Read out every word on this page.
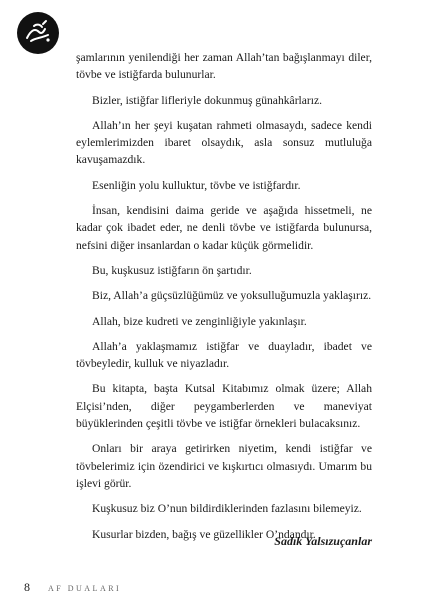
şamlarının yenilendiği her zaman Allah’tan bağışlanmayı diler, tövbe ve istiğfarda bulunurlar.

Bizler, istiğfar lifleriyle dokunmuş günahkârlarız.

Allah’ın her şeyi kuşatan rahmeti olmasaydı, sadece kendi eylemlerimizden ibaret olsaydık, asla sonsuz mutluluğa kavuşamazdık.

Esenliğin yolu kulluktur, tövbe ve istiğfardır.

İnsan, kendisini daima geride ve aşağıda hissetmeli, ne kadar çok ibadet eder, ne denli tövbe ve istiğfarda bulunursa, nefsini diğer insanlardan o kadar küçük görmelidir.

Bu, kuşkusuz istiğfarın ön şartıdır.

Biz, Allah’a güçsüzlüğümüz ve yoksulluğumuzla yaklaşırız.

Allah, bize kudreti ve zenginliğiyle yakınlaşır.

Allah’a yaklaşmamız istiğfar ve duayladır, ibadet ve tövbeyledir, kulluk ve niyazladır.

Bu kitapta, başta Kutsal Kitabımız olmak üzere; Allah Elçisi’nden, diğer peygamberlerden ve maneviyat büyüklerinden çeşitli tövbe ve istiğfar örnekleri bulacaksınız.

Onları bir araya getirirken niyetim, kendi istiğfar ve tövbelerimiz için özendirici ve kışkırtıcı olmasıydı. Umarım bu işlevi görür.

Kuşkusuz biz O’nun bildirdiklerinden fazlasını bilemeyiz.

Kusurlar bizden, bağış ve güzellikler O’ndandır.

Sadık Yalsızuçanlar
8 AF DUALARI
